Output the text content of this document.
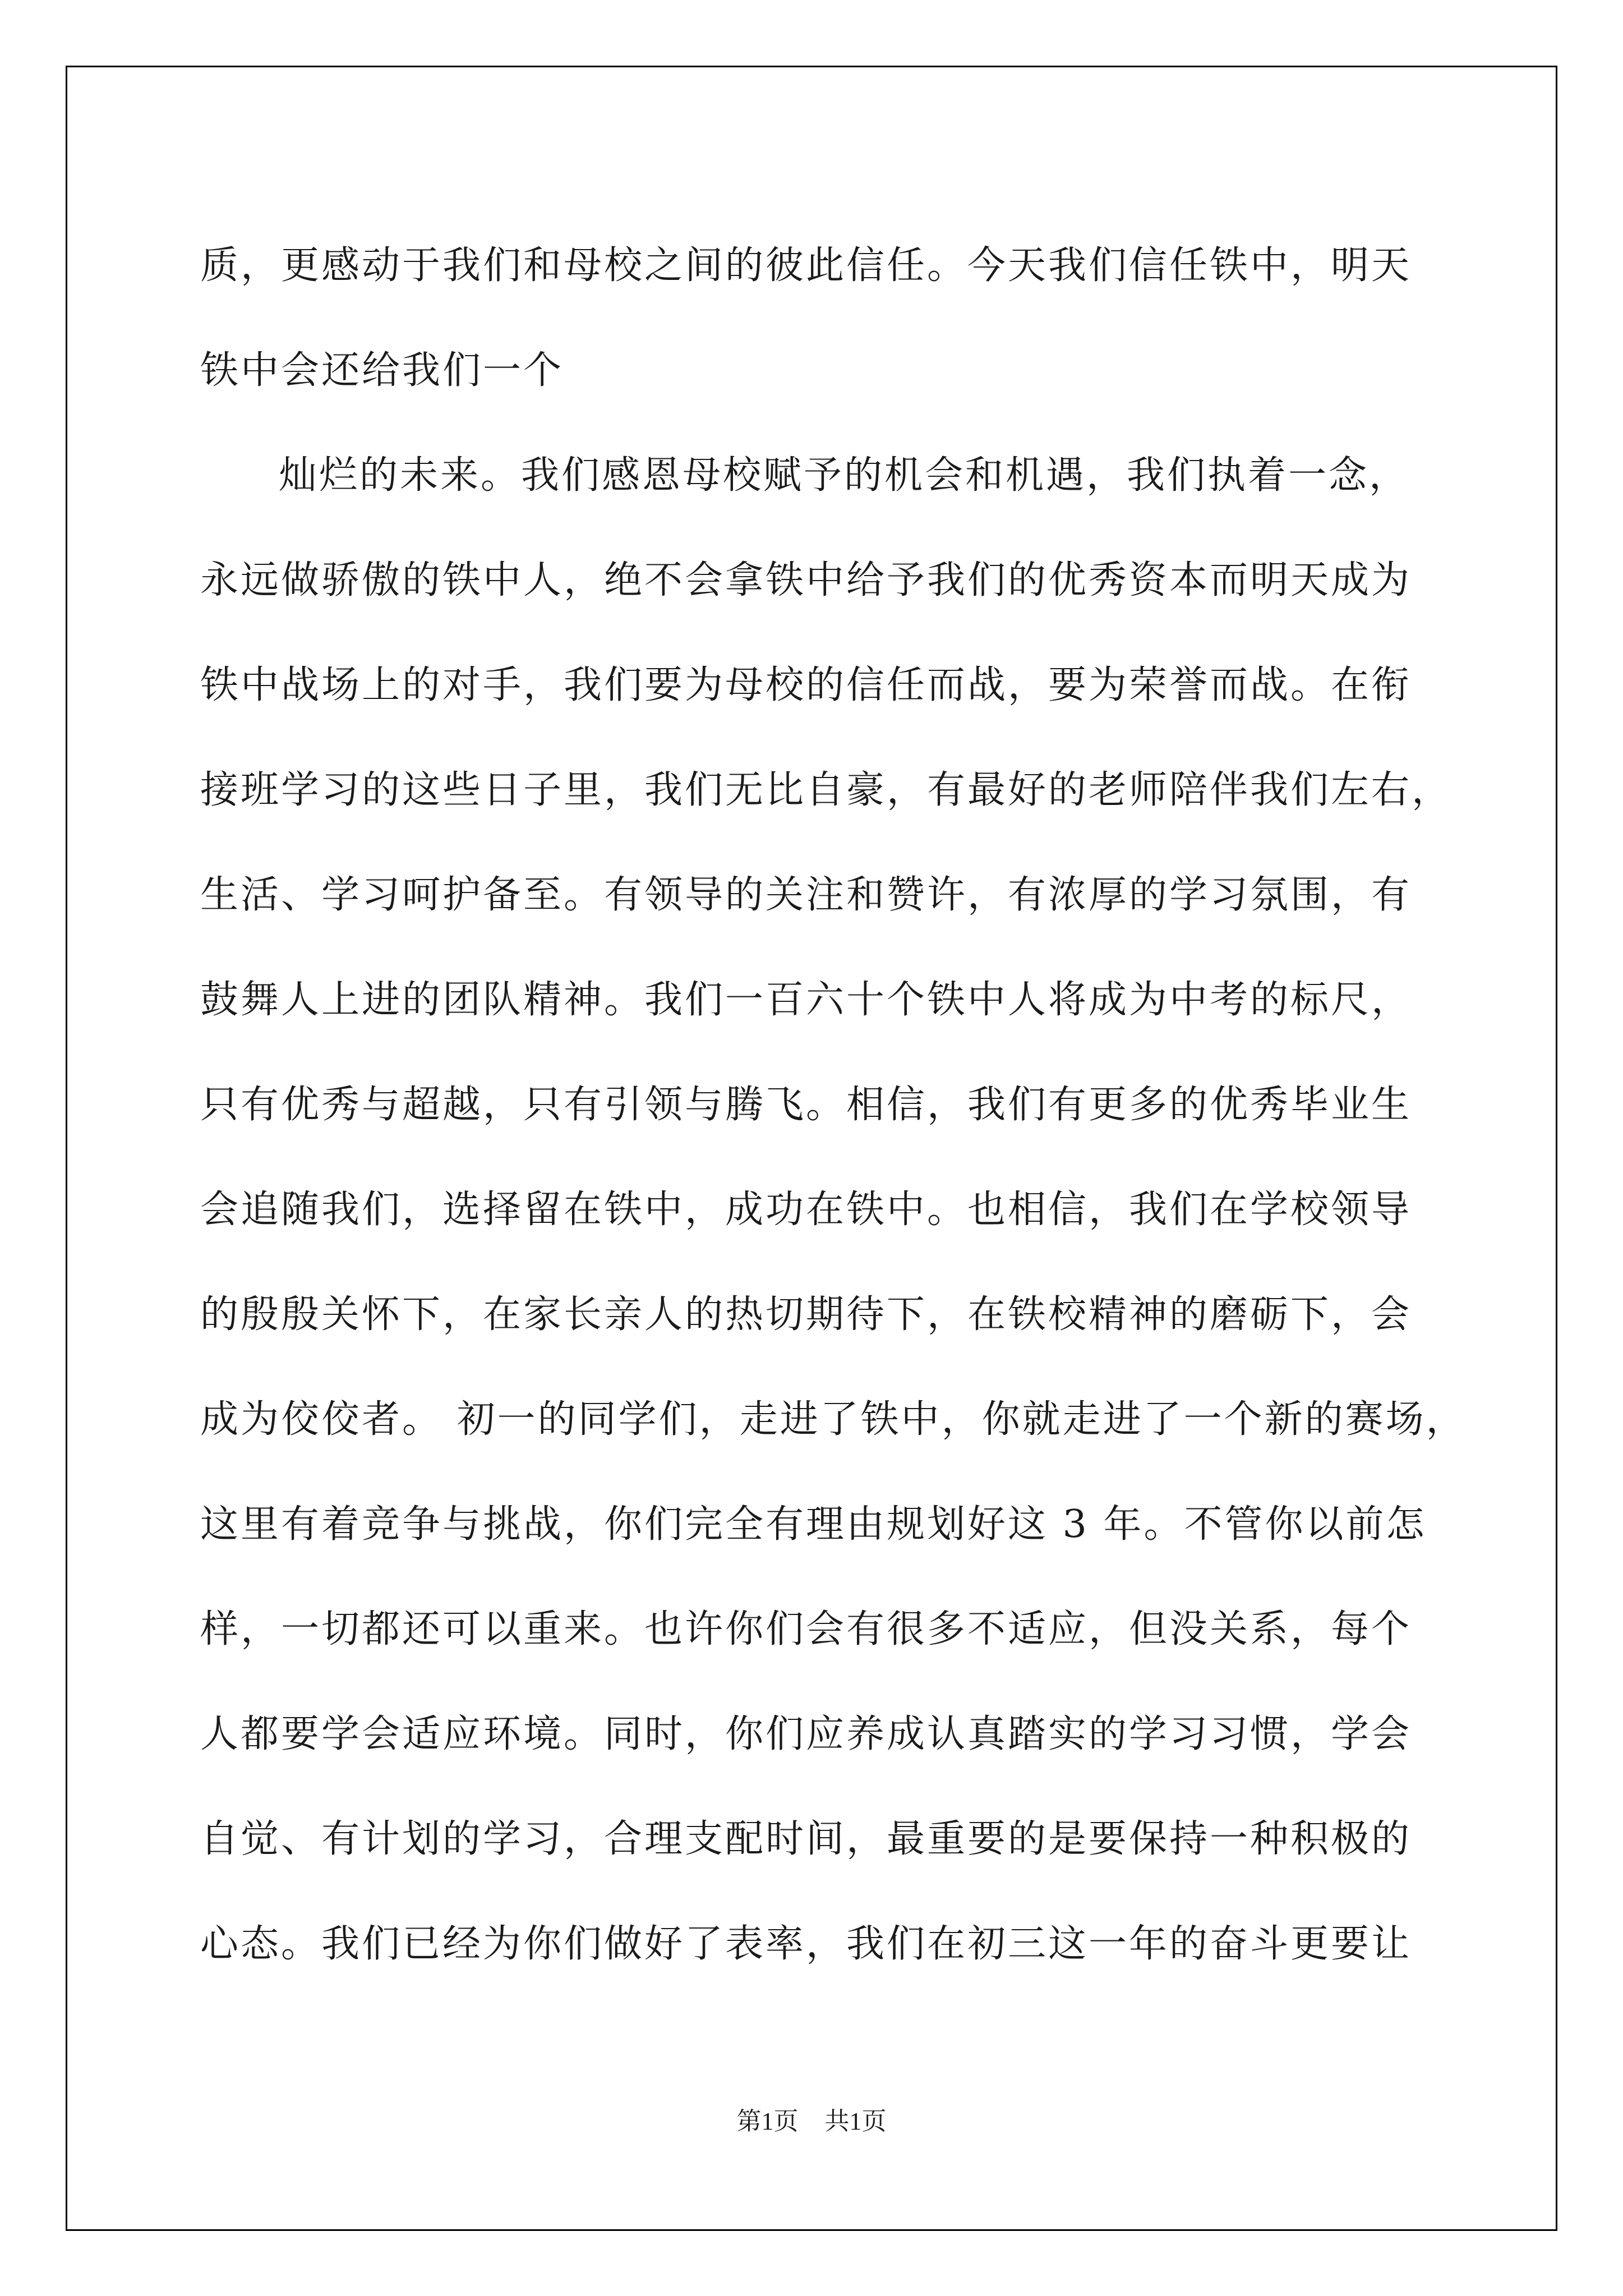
质，更感动于我们和母校之间的彼此信任。今天我们信任铁中，明天
铁中会还给我们一个
灿烂的未来。我们感恩母校赋予的机会和机遇，我们执着一念，
永远做骄傲的铁中人，绝不会拿铁中给予我们的优秀资本而明天成为
铁中战场上的对手，我们要为母校的信任而战，要为荣誉而战。在衔
接班学习的这些日子里，我们无比自豪，有最好的老师陪伴我们左右，
生活、学习呵护备至。有领导的关注和赞许，有浓厚的学习氛围，有
鼓舞人上进的团队精神。我们一百六十个铁中人将成为中考的标尺，
只有优秀与超越，只有引领与腾飞。相信，我们有更多的优秀毕业生
会追随我们，选择留在铁中，成功在铁中。也相信，我们在学校领导
的殷殷关怀下，在家长亲人的热切期待下，在铁校精神的磨砺下，会
成为佼佼者。 初一的同学们，走进了铁中，你就走进了一个新的赛场，
这里有着竞争与挑战，你们完全有理由规划好这 3 年。不管你以前怎
样，一切都还可以重来。也许你们会有很多不适应，但没关系，每个
人都要学会适应环境。同时，你们应养成认真踏实的学习习惯，学会
自觉、有计划的学习，合理支配时间，最重要的是要保持一种积极的
心态。我们已经为你们做好了表率，我们在初三这一年的奋斗更要让
第1页 共1页
